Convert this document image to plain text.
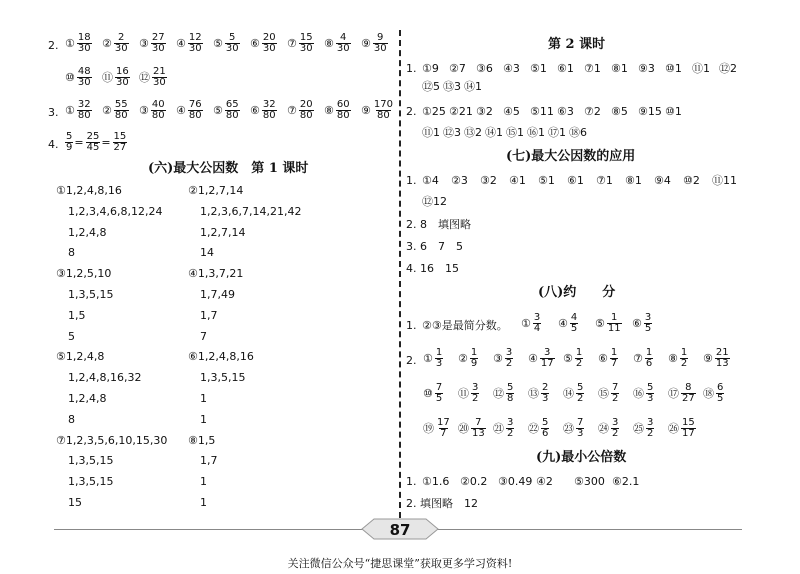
2. ① $\frac{18}{30}$ ② $\frac{2}{30}$ ③ $\frac{27}{30}$ ④ $\frac{12}{30}$ ⑤ $\frac{5}{30}$ ⑥ $\frac{20}{30}$ ⑦ $\frac{15}{30}$ ⑧ $\frac{4}{30}$ ⑨ $\frac{9}{30}$
⑩ $\frac{48}{30}$ ⑪ $\frac{16}{30}$ ⑫ $\frac{21}{30}$
3. ① $\frac{32}{80}$ ② $\frac{55}{80}$ ③ $\frac{40}{80}$ ④ $\frac{76}{80}$ ⑤ $\frac{65}{80}$ ⑥ $\frac{32}{80}$ ⑦ $\frac{20}{80}$ ⑧ $\frac{60}{80}$ ⑨ $\frac{170}{80}$
4. $\frac{5}{9} = \frac{25}{45} = \frac{15}{27}$
(六)最大公因数　第 1 课时
①1,2,4,8,16	②1,2,7,14
1,2,3,4,6,8,12,24	1,2,3,6,7,14,21,42
1,2,4,8	1,2,7,14
8	14
③1,2,5,10	④1,3,7,21
1,3,5,15	1,7,49
1,5	1,7
5	7
⑤1,2,4,8	⑥1,2,4,8,16
1,2,4,8,16,32	1,3,5,15
1,2,4,8	1
8	1
⑦1,2,3,5,6,10,15,30 ⑧1,5
1,3,5,15	1,7
1,3,5,15	1
15	1
第 2 课时
1. ①9 ②7 ③6 ④3 ⑤1 ⑥1 ⑦1 ⑧1 ⑨3 ⑩1 ⑪1 ⑫2
⑫5 ⑬3 ⑭1
2. ①25 ②21 ③2 ④5 ⑤11 ⑥3 ⑦2 ⑧5 ⑨15 ⑩1
⑪1 ⑫3 ⑬2 ⑭1 ⑮1 ⑯1 ⑰1 ⑱6
(七)最大公因数的应用
1. ①4 ②3 ③2 ④1 ⑤1 ⑥1 ⑦1 ⑧1 ⑨4 ⑩2 ⑪11
⑫12
2. 8　填图略
3. 6　7　5
4. 16　15
(八)约　　分
1. ②③是最简分数。 ① $\frac{3}{4}$ ④ $\frac{4}{5}$ ⑤ $\frac{1}{11}$ ⑥ $\frac{3}{5}$
2. ① $\frac{1}{3}$ ② $\frac{1}{9}$ ③ $\frac{3}{2}$ ④ $\frac{3}{17}$ ⑤ $\frac{1}{2}$ ⑥ $\frac{1}{7}$ ⑦ $\frac{1}{6}$ ⑧ $\frac{1}{2}$ ⑨ $\frac{21}{13}$
⑩ $\frac{7}{5}$ ⑪ $\frac{3}{2}$ ⑫ $\frac{5}{8}$ ⑬ $\frac{2}{3}$ ⑭ $\frac{5}{2}$ ⑮ $\frac{7}{2}$ ⑯ $\frac{5}{3}$ ⑰ $\frac{8}{27}$ ⑱ $\frac{6}{5}$
⑲ $\frac{17}{7}$ ⑳ $\frac{7}{13}$ ㉑ $\frac{3}{2}$ ㉒ $\frac{5}{6}$ ㉓ $\frac{7}{3}$ ㉔ $\frac{3}{2}$ ㉕ $\frac{3}{2}$ ㉖ $\frac{15}{17}$
(九)最小公倍数
1. ①1.6 ②0.2 ③0.49 ④2 ⑤300 ⑥2.1
2. 填图略　12
87
关注微信公众号“捷思课堂”获取更多学习资料!
